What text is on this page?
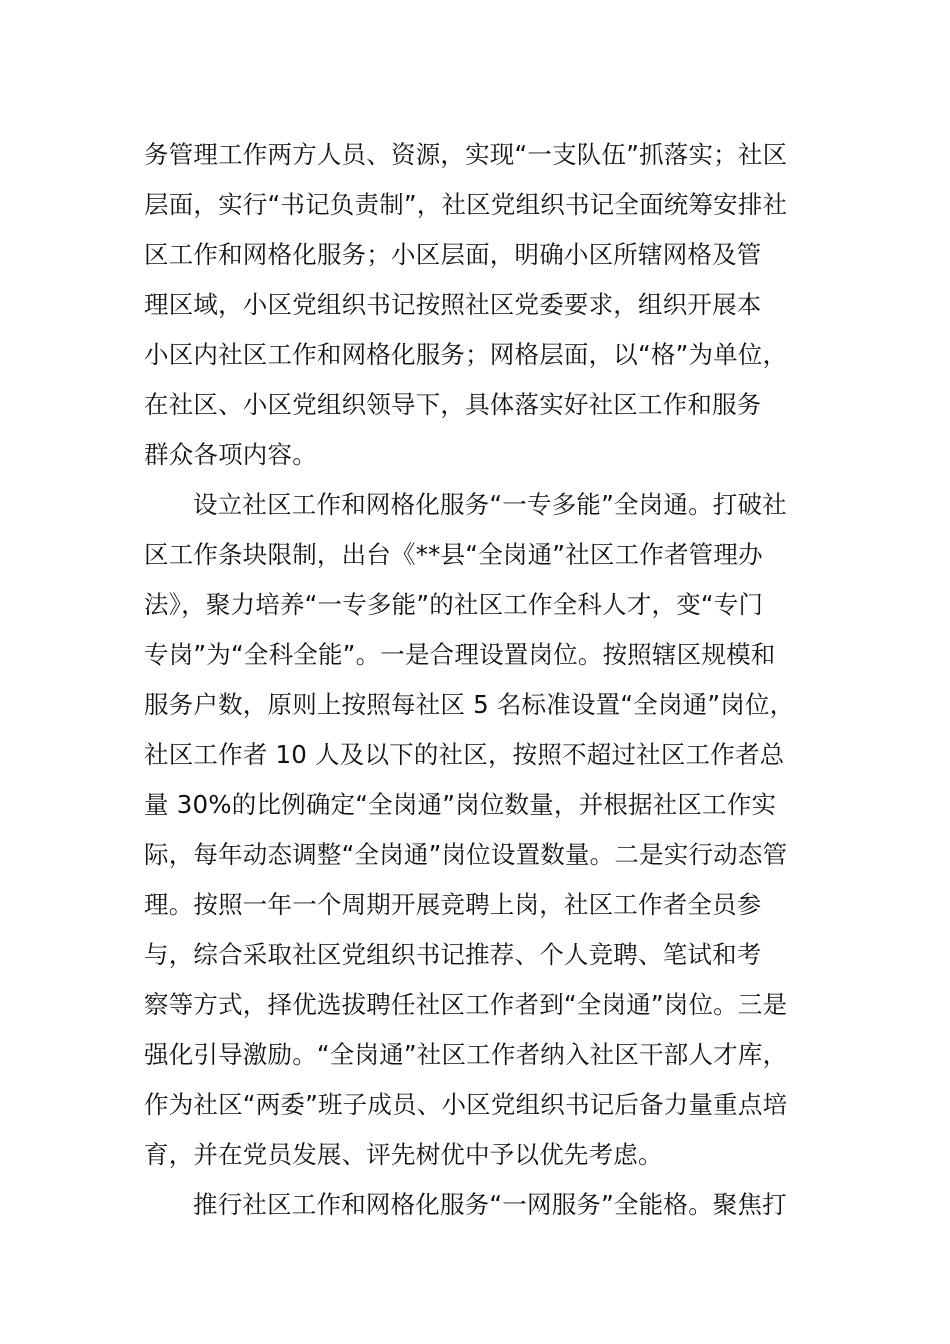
务管理工作两方人员、资源，实现“一支队伍”抓落实；社区
层面，实行“书记负责制”，社区党组织书记全面统筹安排社
区工作和网格化服务；小区层面，明确小区所辖网格及管
理区域，小区党组织书记按照社区党委要求，组织开展本
小区内社区工作和网格化服务；网格层面，以“格”为单位，
在社区、小区党组织领导下，具体落实好社区工作和服务
群众各项内容。
设立社区工作和网格化服务“一专多能”全岗通。打破社
区工作条块限制，出台《**县“全岗通”社区工作者管理办
法》，聚力培养“一专多能”的社区工作全科人才，变“专门
专岗”为“全科全能”。一是合理设置岗位。按照辖区规模和
服务户数，原则上按照每社区 5 名标准设置“全岗通”岗位，
社区工作者 10 人及以下的社区，按照不超过社区工作者总
量 30%的比例确定“全岗通”岗位数量，并根据社区工作实
际，每年动态调整“全岗通”岗位设置数量。二是实行动态管
理。按照一年一个周期开展竞聘上岗，社区工作者全员参
与，综合采取社区党组织书记推荐、个人竞聘、笔试和考
察等方式，择优选拔聘任社区工作者到“全岗通”岗位。三是
强化引导激励。“全岗通”社区工作者纳入社区干部人才库，
作为社区“两委”班子成员、小区党组织书记后备力量重点培
育，并在党员发展、评先树优中予以优先考虑。
推行社区工作和网格化服务“一网服务”全能格。聚焦打
